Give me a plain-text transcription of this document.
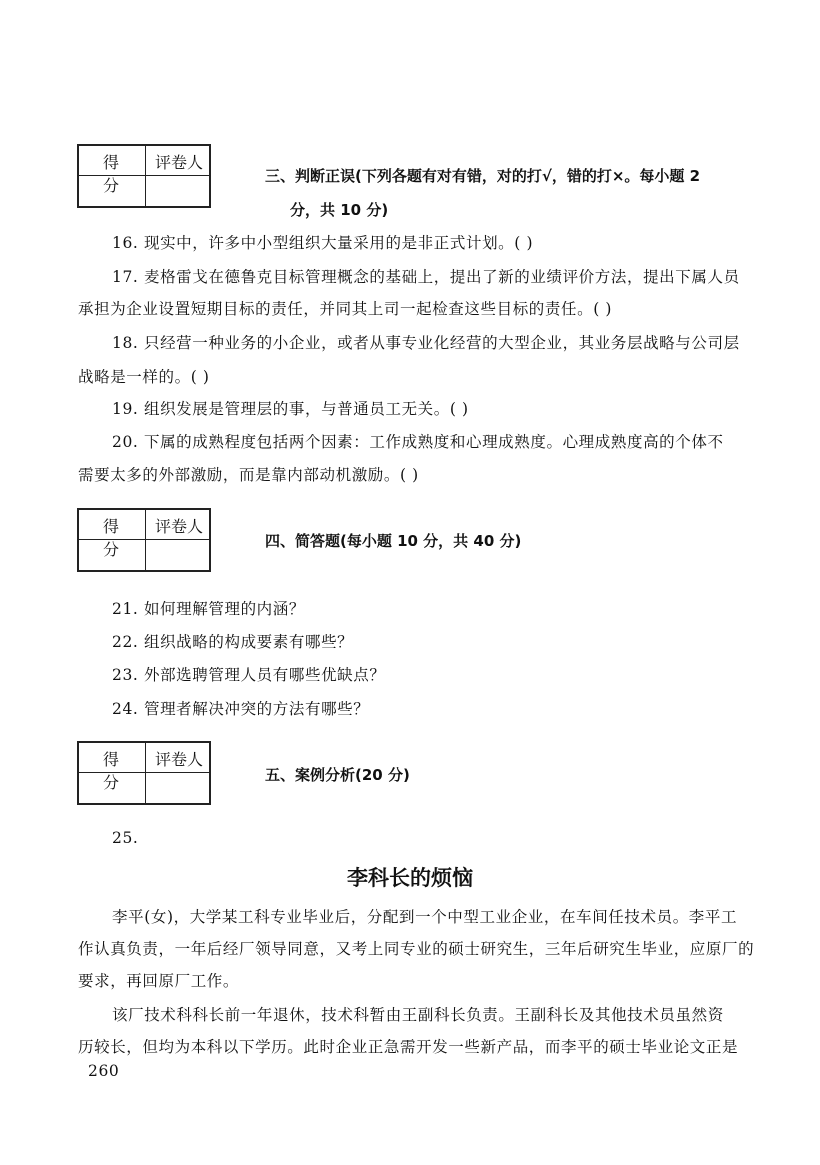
得 分
评卷人
三、判断正误(下列各题有对有错，对的打√，错的打×。每小题 2
分，共 10 分)
16. 现实中，许多中小型组织大量采用的是非正式计划。( )
17. 麦格雷戈在德鲁克目标管理概念的基础上，提出了新的业绩评价方法，提出下属人员
承担为企业设置短期目标的责任，并同其上司一起检查这些目标的责任。( )
18. 只经营一种业务的小企业，或者从事专业化经营的大型企业，其业务层战略与公司层
战略是一样的。( )
19. 组织发展是管理层的事，与普通员工无关。( )
20. 下属的成熟程度包括两个因素：工作成熟度和心理成熟度。心理成熟度高的个体不
需要太多的外部激励，而是靠内部动机激励。( )
得 分
评卷人
四、简答题(每小题 10 分，共 40 分)
21. 如何理解管理的内涵？
22. 组织战略的构成要素有哪些？
23. 外部选聘管理人员有哪些优缺点？
24. 管理者解决冲突的方法有哪些？
得 分
评卷人
五、案例分析(20 分)
25.
李科长的烦恼
李平(女)，大学某工科专业毕业后，分配到一个中型工业企业，在车间任技术员。李平工
作认真负责，一年后经厂领导同意，又考上同专业的硕士研究生，三年后研究生毕业，应原厂的
要求，再回原厂工作。
该厂技术科科长前一年退休，技术科暂由王副科长负责。王副科长及其他技术员虽然资
历较长，但均为本科以下学历。此时企业正急需开发一些新产品，而李平的硕士毕业论文正是
260
